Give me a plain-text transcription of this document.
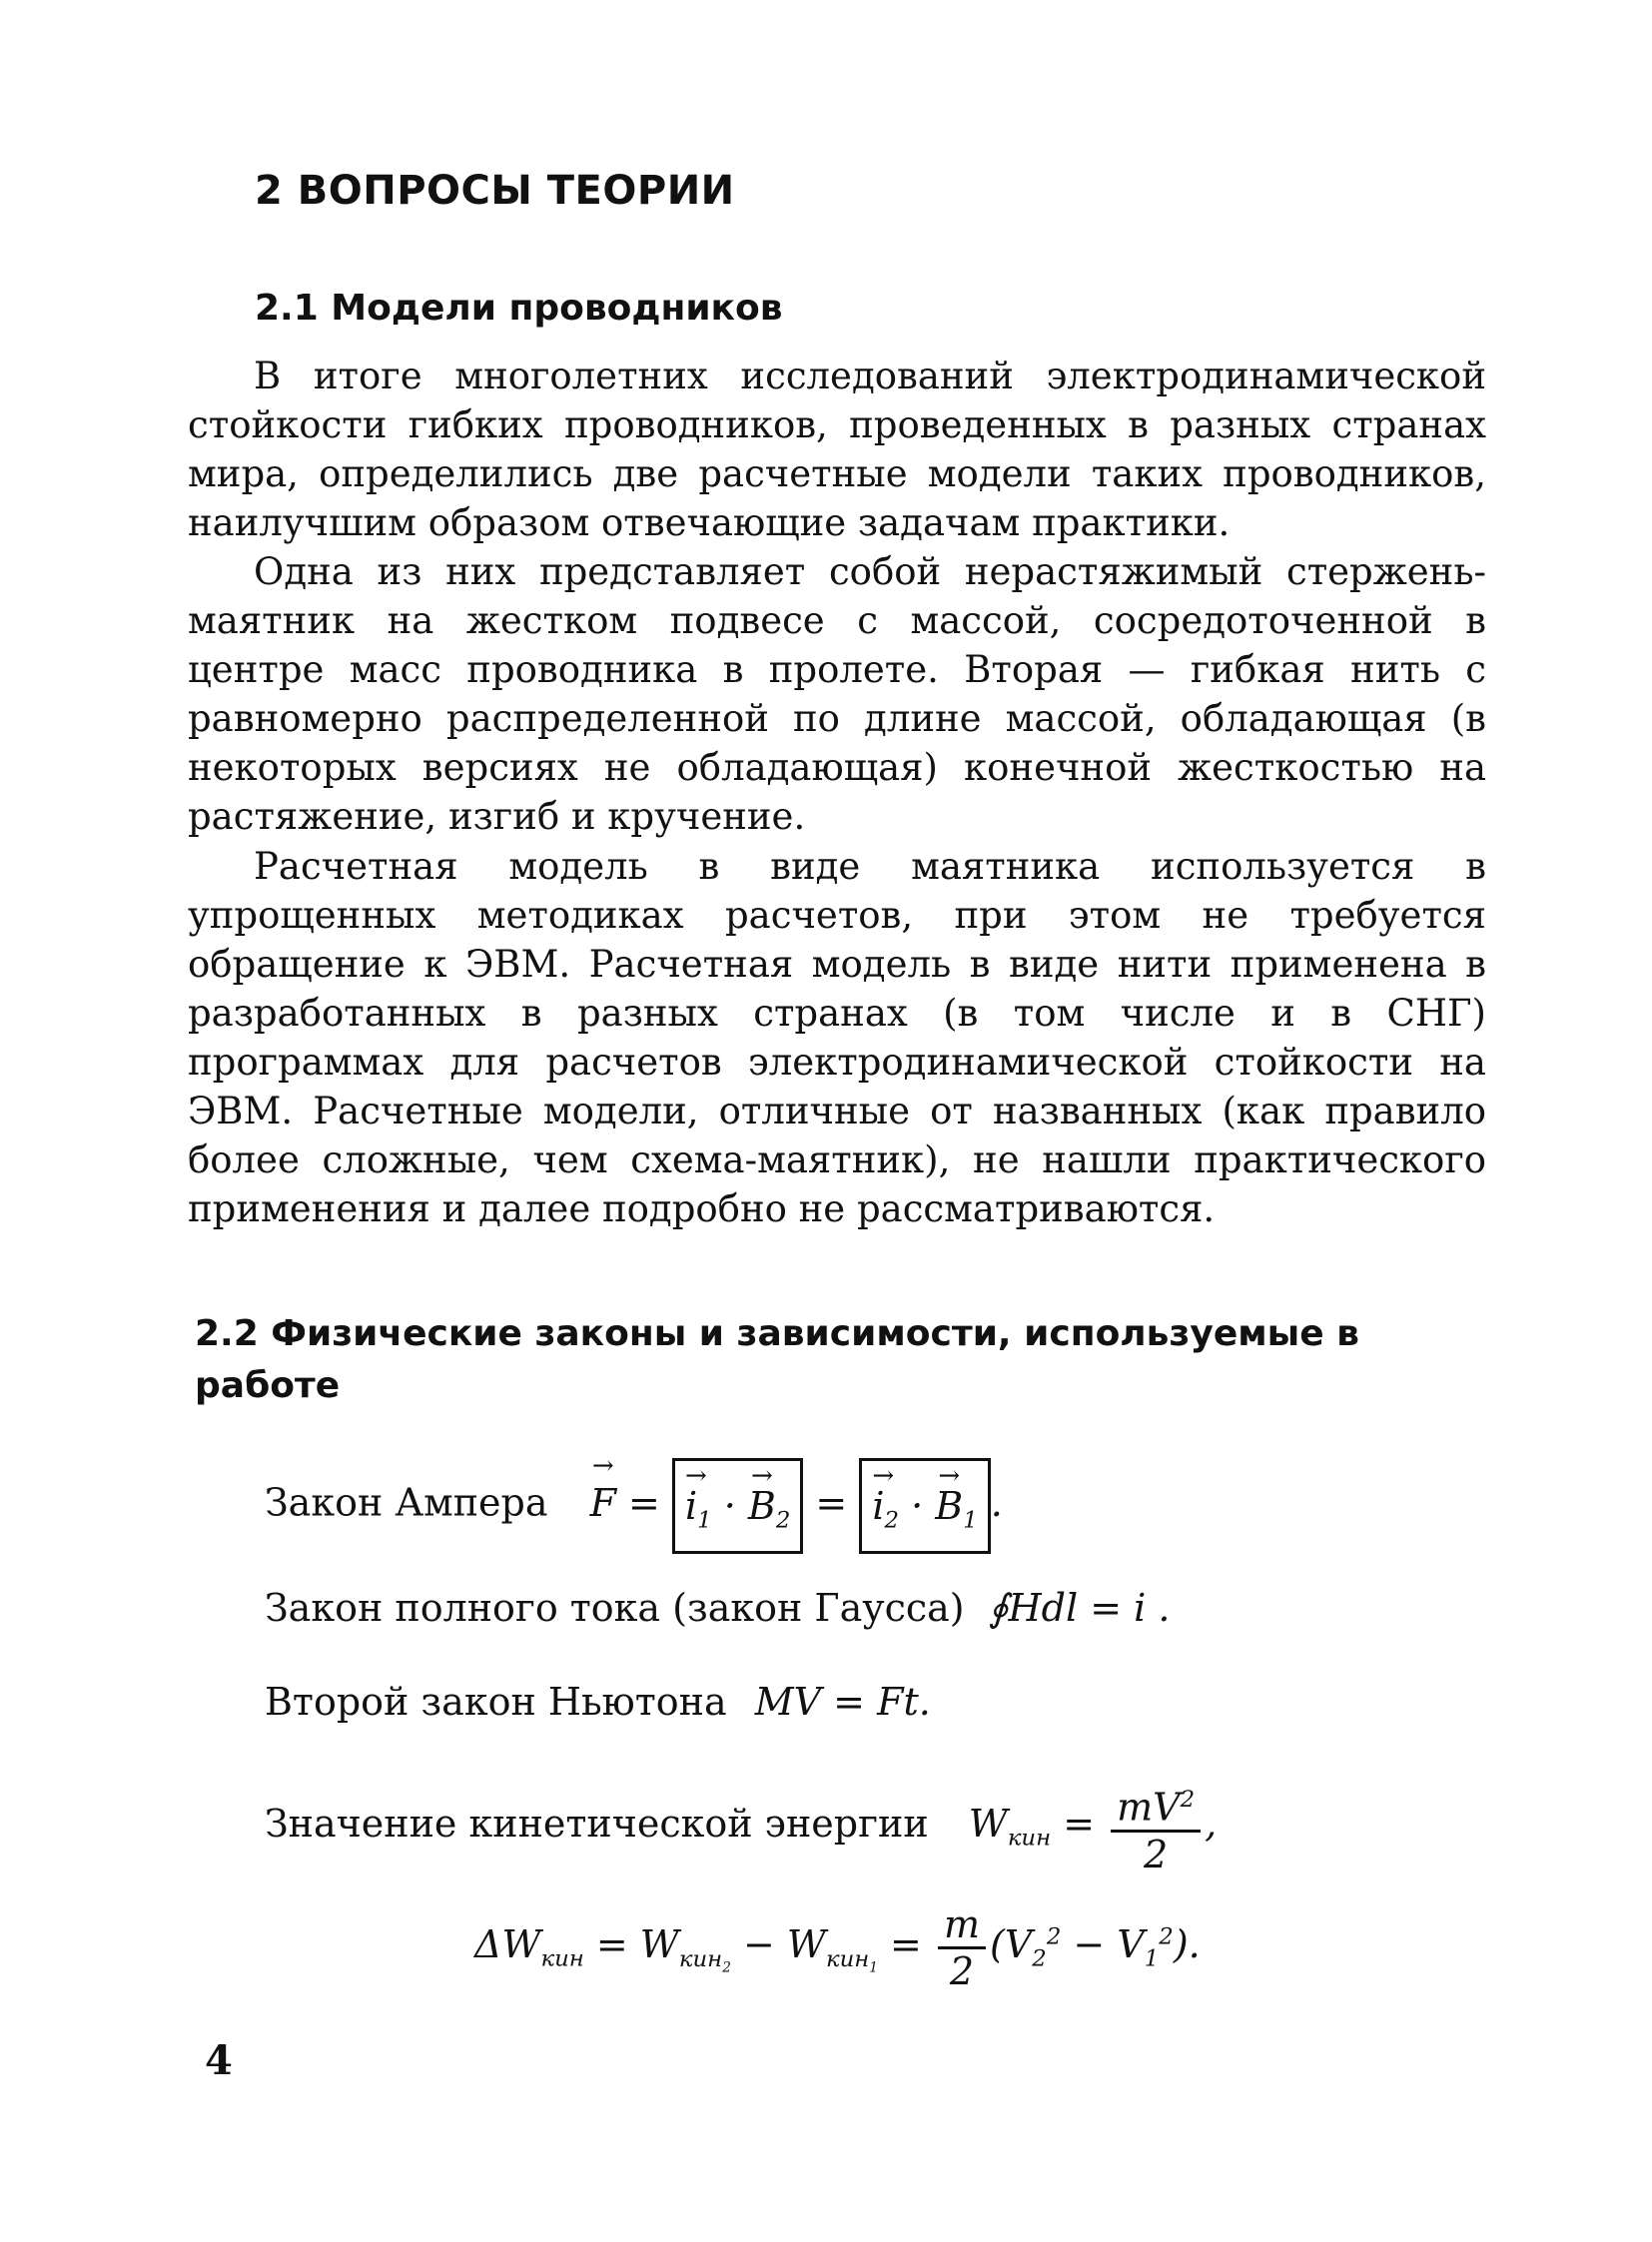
2 ВОПРОСЫ ТЕОРИИ
2.1 Модели проводников

В итоге многолетних исследований электродинамической стойкости гибких проводников, проведенных в разных странах мира, определились две расчетные модели таких проводников, наилучшим образом отвечающие задачам практики.

Одна из них представляет собой нерастяжимый стержень-маятник на жестком подвесе с массой, сосредоточенной в центре масс проводника в пролете. Вторая — гибкая нить с равномерно распределенной по длине массой, обладающая (в некоторых версиях не обладающая) конечной жесткостью на растяжение, изгиб и кручение.

Расчетная модель в виде маятника используется в упрощенных методиках расчетов, при этом не требуется обращение к ЭВМ. Расчетная модель в виде нити применена в разработанных в разных странах (в том числе и в СНГ) программах для расчетов электродинамической стойкости на ЭВМ. Расчетные модели, отличные от названных (как правило более сложные, чем схема-маятник), не нашли практического применения и далее подробно не рассматриваются.

2.2 Физические законы и зависимости, используемые в работе
Закон Ампера → F = → $i_1$ · → $B_2$ = → $i_2$ · → $B_1$ .
Закон полного тока (закон Гаусса) ∮Hdl = i .
Второй закон Ньютона MV = Ft.
Значение кинетической энергии $W_{кин} = \frac{mV^2}{2}$ ,
$\Delta W_{кин} = W_{кин_2} - W_{кин_1} = \frac{m}{2} (V_2^2 - V_1^2)$.
4
